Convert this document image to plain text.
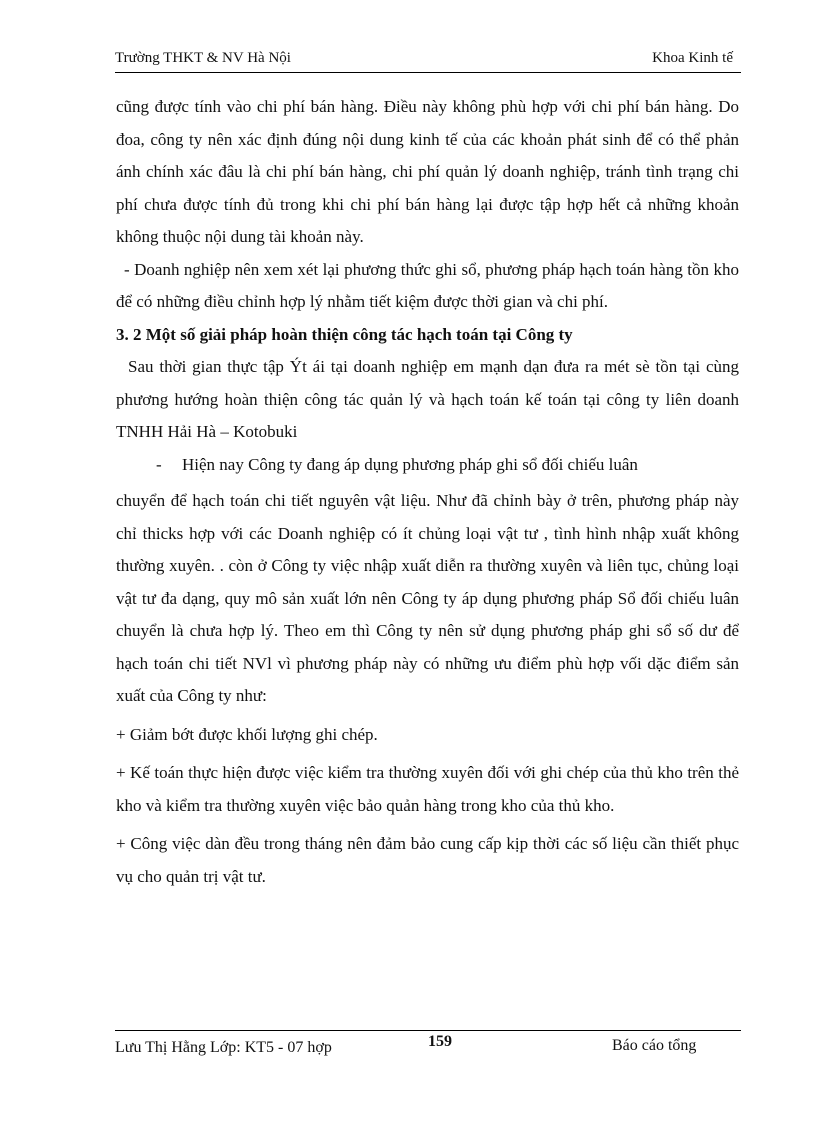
Trường THKT & NV Hà Nội	Khoa Kinh tế

cũng được tính vào chi phí bán hàng. Điều này không phù hợp với chi phí bán hàng. Do đoa, công ty nên xác định đúng nội dung kinh tế của các khoản phát sinh để có thể phản ánh chính xác đâu là chi phí bán hàng, chi phí quản lý doanh nghiệp, tránh tình trạng chi phí chưa được tính đủ trong khi chi phí bán hàng lại được tập hợp hết cả những khoản không thuộc nội dung tài khoản này.

- Doanh nghiệp nên xem xét lại phương thức ghi sổ, phương pháp hạch toán hàng tồn kho để có những điều chỉnh hợp lý nhằm tiết kiệm được thời gian và chi phí.

3. 2 Một số giải pháp hoàn thiện công tác hạch toán tại Công ty

Sau thời gian thực tập Ýt ái tại doanh nghiệp em mạnh dạn đưa ra mét sè tồn tại cùng phương hướng hoàn thiện công tác quản lý và hạch toán kế toán tại công ty liên doanh TNHH Hải Hà – Kotobuki

-	Hiện nay Công ty đang áp dụng phương pháp ghi sổ đối chiếu luân

chuyển để hạch toán chi tiết nguyên vật liệu. Như đã chỉnh bày ở trên, phương pháp này chỉ thicks hợp với các Doanh nghiệp có ít chủng loại vật tư , tình hình nhập xuất không thường xuyên. . còn ở Công ty việc nhập xuất diễn ra thường xuyên và liên tục, chủng loại vật tư đa dạng, quy mô sản xuất lớn nên Công ty áp dụng phương pháp Sổ đối chiếu luân chuyển là chưa hợp lý. Theo em thì Công ty nên sử dụng phương pháp ghi sổ số dư để hạch toán chi tiết NVl vì phương pháp này có những ưu điểm phù hợp vối dặc điểm sản xuất của Công ty như:

+ Giảm bớt được khối lượng ghi chép.

+ Kế toán thực hiện được việc kiểm tra thường xuyên đối với ghi chép của thủ kho trên thẻ kho và kiểm tra thường xuyên việc bảo quản hàng trong kho của thủ kho.

+ Công việc dàn đều trong tháng nên đảm bảo cung cấp kịp thời các số liệu cần thiết phục vụ cho quản trị vật tư.

Lưu Thị Hằng Lớp: KT5 - 07 hợp	159	Báo cáo tổng
